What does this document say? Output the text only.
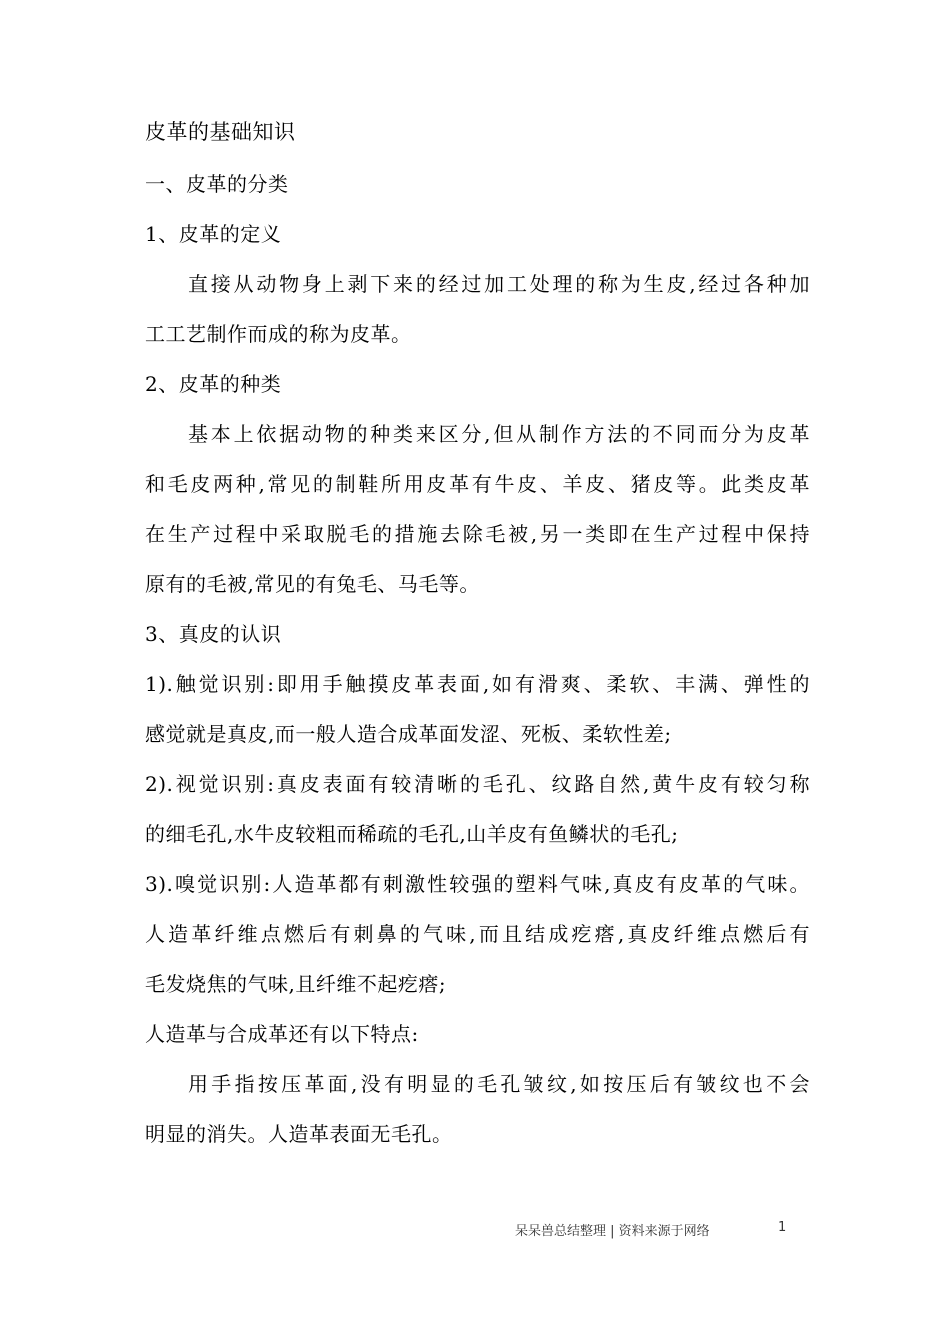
皮革的基础知识
一、皮革的分类
1、皮革的定义
直接从动物身上剥下来的经过加工处理的称为生皮,经过各种加
工工艺制作而成的称为皮革。
2、皮革的种类
基本上依据动物的种类来区分,但从制作方法的不同而分为皮革
和毛皮两种,常见的制鞋所用皮革有牛皮、羊皮、猪皮等。此类皮革
在生产过程中采取脱毛的措施去除毛被,另一类即在生产过程中保持
原有的毛被,常见的有兔毛、马毛等。
3、真皮的认识
1).触觉识别:即用手触摸皮革表面,如有滑爽、柔软、丰满、弹性的
感觉就是真皮,而一般人造合成革面发涩、死板、柔软性差;
2).视觉识别:真皮表面有较清晰的毛孔、纹路自然,黄牛皮有较匀称
的细毛孔,水牛皮较粗而稀疏的毛孔,山羊皮有鱼鳞状的毛孔;
3).嗅觉识别:人造革都有刺激性较强的塑料气味,真皮有皮革的气味。
人造革纤维点燃后有刺鼻的气味,而且结成疙瘩,真皮纤维点燃后有
毛发烧焦的气味,且纤维不起疙瘩;
人造革与合成革还有以下特点:
用手指按压革面,没有明显的毛孔皱纹,如按压后有皱纹也不会
明显的消失。人造革表面无毛孔。
呆呆兽总结整理 | 资料来源于网络	1
